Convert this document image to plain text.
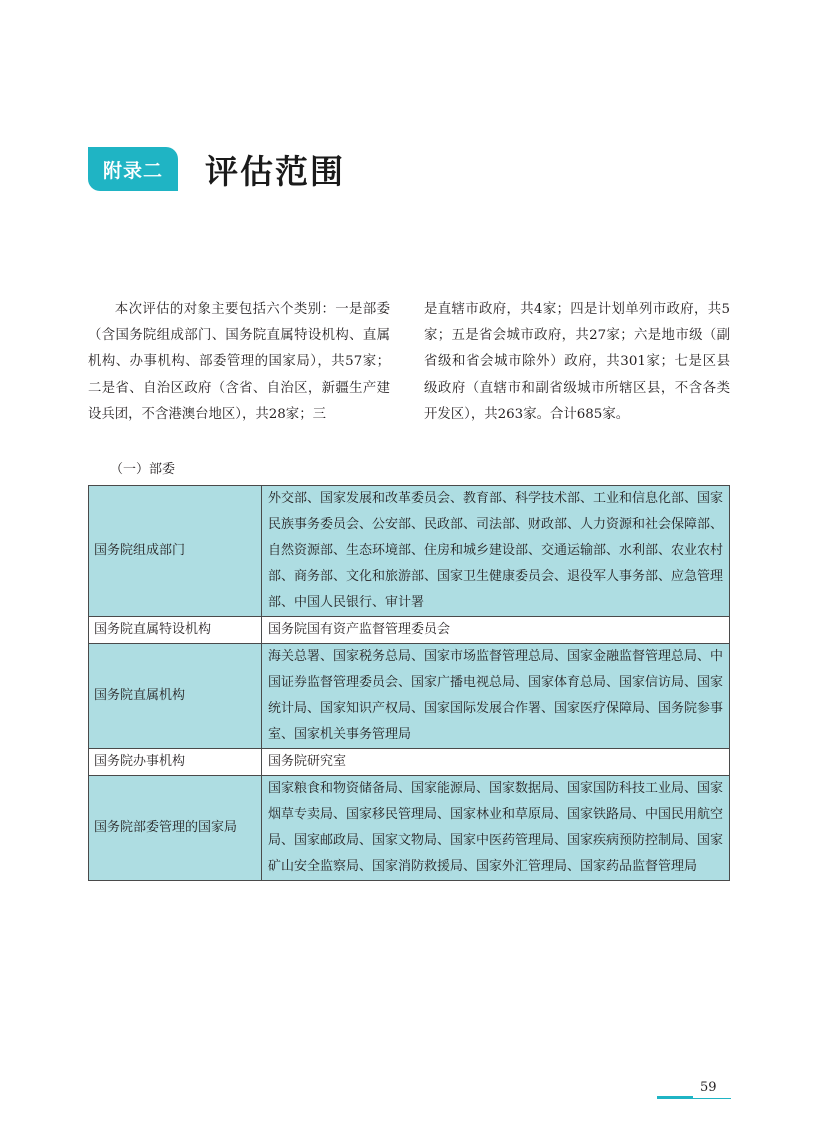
附录二	评估范围
本次评估的对象主要包括六个类别：一是部委（含国务院组成部门、国务院直属特设机构、直属机构、办事机构、部委管理的国家局），共57家；二是省、自治区政府（含省、自治区，新疆生产建设兵团，不含港澳台地区），共28家；三
是直辖市政府，共4家；四是计划单列市政府，共5家；五是省会城市政府，共27家；六是地市级（副省级和省会城市除外）政府，共301家；七是区县级政府（直辖市和副省级城市所辖区县，不含各类开发区），共263家。合计685家。
（一）部委
国务院组成部门	外交部、国家发展和改革委员会、教育部、科学技术部、工业和信息化部、国家民族事务委员会、公安部、民政部、司法部、财政部、人力资源和社会保障部、自然资源部、生态环境部、住房和城乡建设部、交通运输部、水利部、农业农村部、商务部、文化和旅游部、国家卫生健康委员会、退役军人事务部、应急管理部、中国人民银行、审计署
国务院直属特设机构	国务院国有资产监督管理委员会
国务院直属机构	海关总署、国家税务总局、国家市场监督管理总局、国家金融监督管理总局、中国证券监督管理委员会、国家广播电视总局、国家体育总局、国家信访局、国家统计局、国家知识产权局、国家国际发展合作署、国家医疗保障局、国务院参事室、国家机关事务管理局
国务院办事机构	国务院研究室
国务院部委管理的国家局	国家粮食和物资储备局、国家能源局、国家数据局、国家国防科技工业局、国家烟草专卖局、国家移民管理局、国家林业和草原局、国家铁路局、中国民用航空局、国家邮政局、国家文物局、国家中医药管理局、国家疾病预防控制局、国家矿山安全监察局、国家消防救援局、国家外汇管理局、国家药品监督管理局
59
